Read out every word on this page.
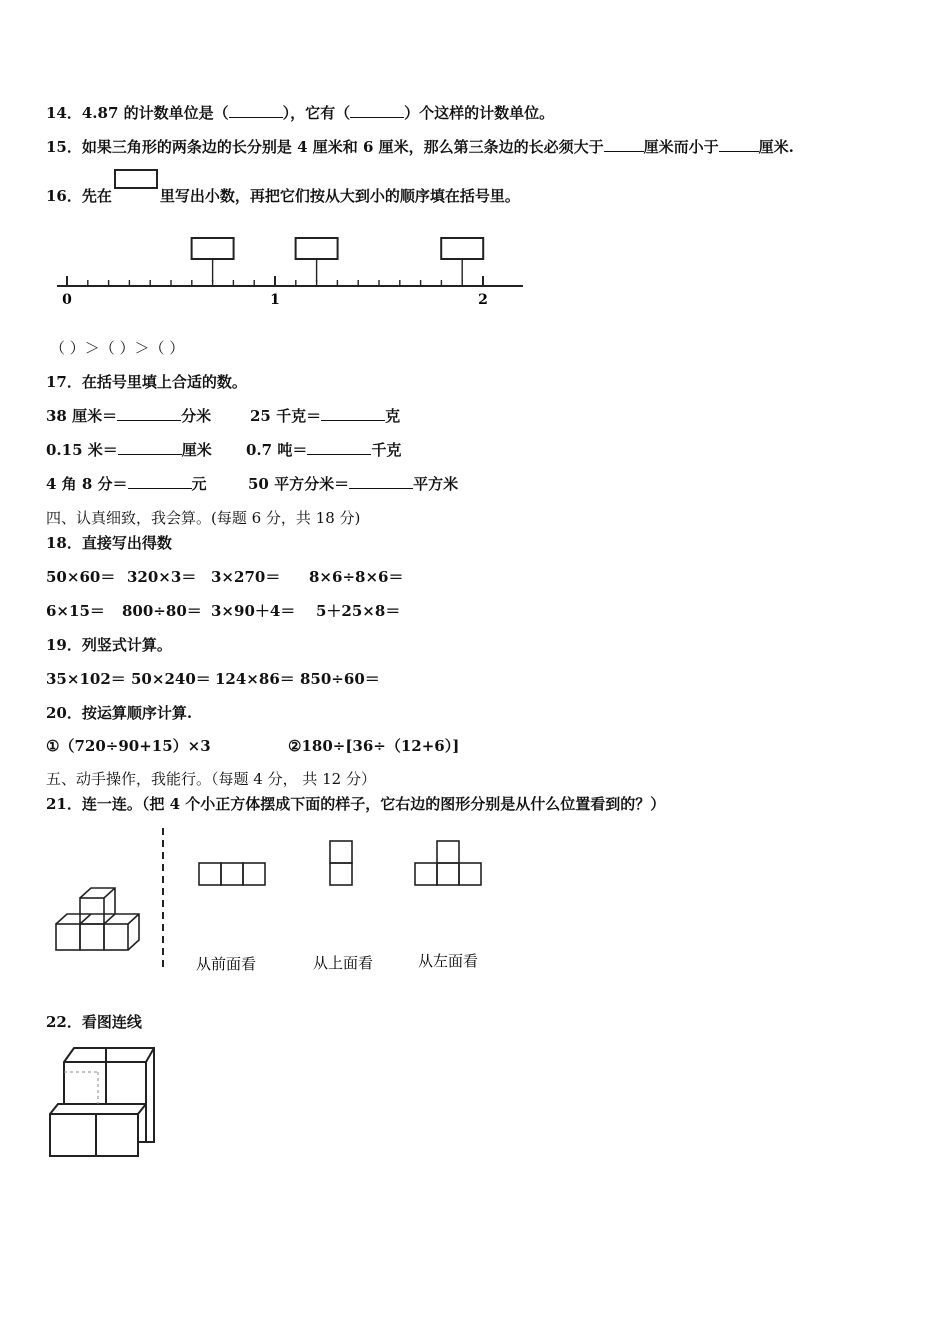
14．4.87 的计数单位是（	），它有（	）个这样的计数单位。
15．如果三角形的两条边的长分别是 4 厘米和 6 厘米，那么第三条边的长必须大于	厘米而小于	厘米.
16．先在	里写出小数，再把它们按从大到小的顺序填在括号里。
0	1	2
（ ）＞（ ）＞（ ）
17．在括号里填上合适的数。
38 厘米＝	分米	25 千克＝	克
0.15 米＝	厘米 0.7 吨＝	千克
4 角 8 分＝	元	50 平方分米＝	平方米
四、认真细致，我会算。(每题 6 分，共 18 分)
18．直接写出得数
50×60＝ 320×3＝ 3×270＝ 8×6÷8×6＝
6×15＝ 800÷80＝ 3×90＋4＝ 5＋25×8＝
19．列竖式计算。
35×102＝ 50×240＝ 124×86＝ 850÷60＝
20．按运算顺序计算.
①（720÷90+15）×3	②180÷[36÷（12+6）]
五、动手操作，我能行。（每题 4 分， 共 12 分）
21．连一连。（把 4 个小正方体摆成下面的样子，它右边的图形分别是从什么位置看到的？）
从前面看	从上面看	从左面看
22．看图连线
